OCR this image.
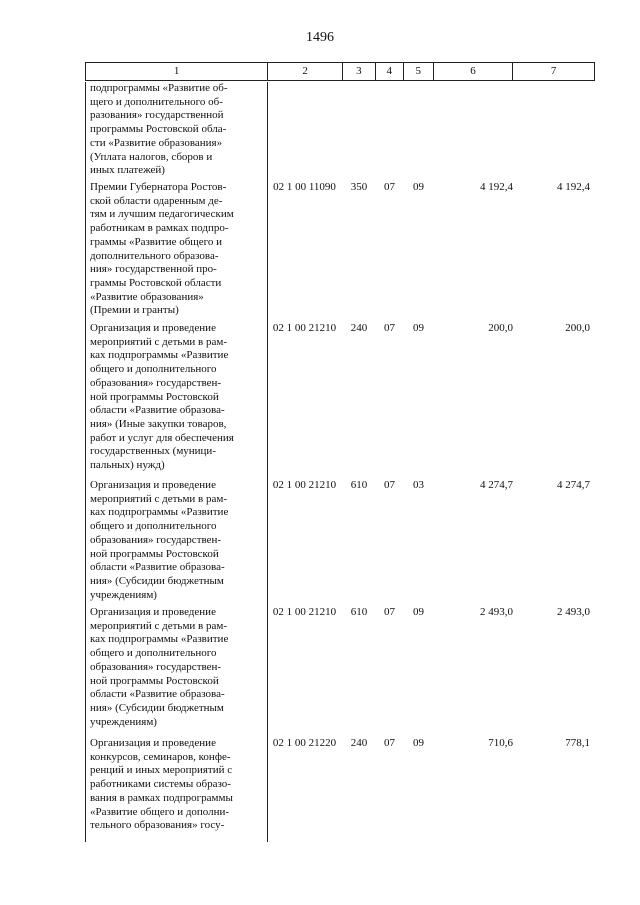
1496
1	2	3	4	5	6	7
подпрограммы «Развитие об-
щего и дополнительного об-
разования» государственной
программы Ростовской обла-
сти «Развитие образования»
(Уплата налогов, сборов и
иных платежей)
Премии Губернатора Ростов-
ской области одаренным де-
тям и лучшим педагогическим
работникам в рамках подпро-
граммы «Развитие общего и
дополнительного образова-
ния» государственной про-
граммы Ростовской области
«Развитие образования»
(Премии и гранты)
02 1 00 11090	350	07	09	4 192,4	4 192,4
Организация и проведение
мероприятий с детьми в рам-
ках подпрограммы «Развитие
общего и дополнительного
образования» государствен-
ной программы Ростовской
области «Развитие образова-
ния» (Иные закупки товаров,
работ и услуг для обеспечения
государственных (муници-
пальных) нужд)
02 1 00 21210	240	07	09	200,0	200,0
Организация и проведение
мероприятий с детьми в рам-
ках подпрограммы «Развитие
общего и дополнительного
образования» государствен-
ной программы Ростовской
области «Развитие образова-
ния» (Субсидии бюджетным
учреждениям)
02 1 00 21210	610	07	03	4 274,7	4 274,7
Организация и проведение
мероприятий с детьми в рам-
ках подпрограммы «Развитие
общего и дополнительного
образования» государствен-
ной программы Ростовской
области «Развитие образова-
ния» (Субсидии бюджетным
учреждениям)
02 1 00 21210	610	07	09	2 493,0	2 493,0
Организация и проведение
конкурсов, семинаров, конфе-
ренций и иных мероприятий с
работниками системы образо-
вания в рамках подпрограммы
«Развитие общего и дополни-
тельного образования» госу-
02 1 00 21220	240	07	09	710,6	778,1
